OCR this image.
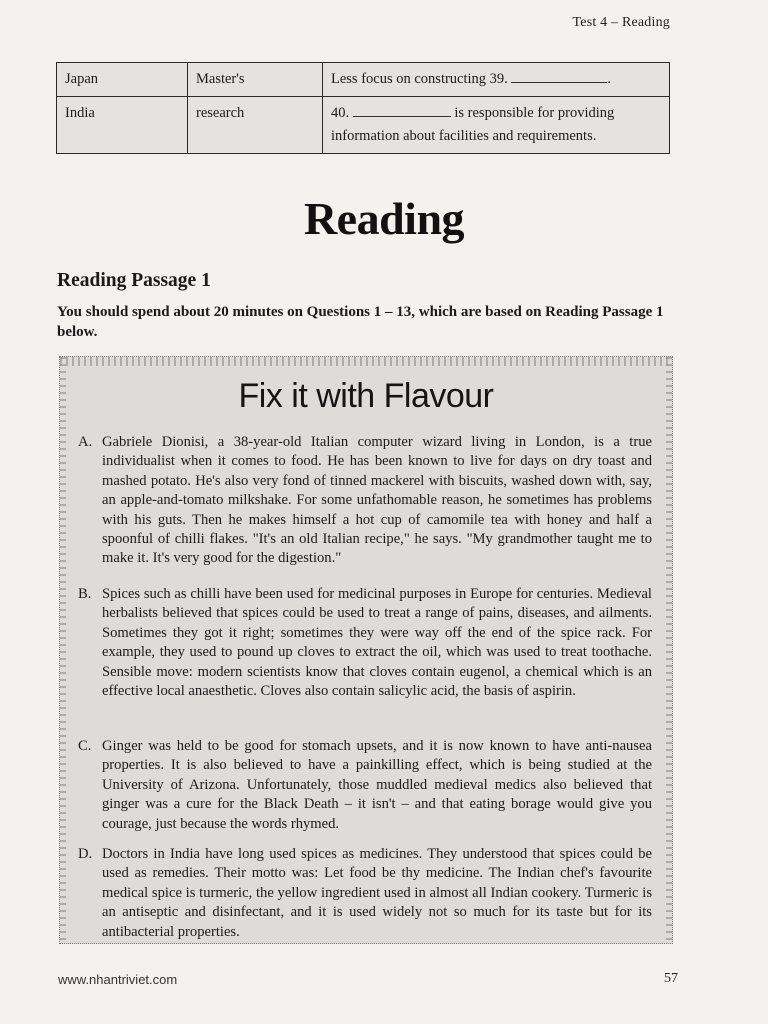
Test 4 – Reading
Japan	Master's	Less focus on constructing 39. .
India	research	40. is responsible for providing information about facilities and requirements.
Reading
Reading Passage 1
You should spend about 20 minutes on Questions 1 – 13, which are based on Reading Passage 1 below.
Fix it with Flavour
A. Gabriele Dionisi, a 38-year-old Italian computer wizard living in London, is a true individualist when it comes to food. He has been known to live for days on dry toast and mashed potato. He's also very fond of tinned mackerel with biscuits, washed down with, say, an apple-and-tomato milkshake. For some unfathomable reason, he sometimes has problems with his guts. Then he makes himself a hot cup of camomile tea with honey and half a spoonful of chilli flakes. "It's an old Italian recipe," he says. "My grandmother taught me to make it. It's very good for the digestion."
B. Spices such as chilli have been used for medicinal purposes in Europe for centuries. Medieval herbalists believed that spices could be used to treat a range of pains, diseases, and ailments. Sometimes they got it right; sometimes they were way off the end of the spice rack. For example, they used to pound up cloves to extract the oil, which was used to treat toothache. Sensible move: modern scientists know that cloves contain eugenol, a chemical which is an effective local anaesthetic. Cloves also contain salicylic acid, the basis of aspirin.
C. Ginger was held to be good for stomach upsets, and it is now known to have anti-nausea properties. It is also believed to have a painkilling effect, which is being studied at the University of Arizona. Unfortunately, those muddled medieval medics also believed that ginger was a cure for the Black Death – it isn't – and that eating borage would give you courage, just because the words rhymed.
D. Doctors in India have long used spices as medicines. They understood that spices could be used as remedies. Their motto was: Let food be thy medicine. The Indian chef's favourite medical spice is turmeric, the yellow ingredient used in almost all Indian cookery. Turmeric is an antiseptic and disinfectant, and it is used widely not so much for its taste but for its antibacterial properties.
www.nhantriviet.com	57
